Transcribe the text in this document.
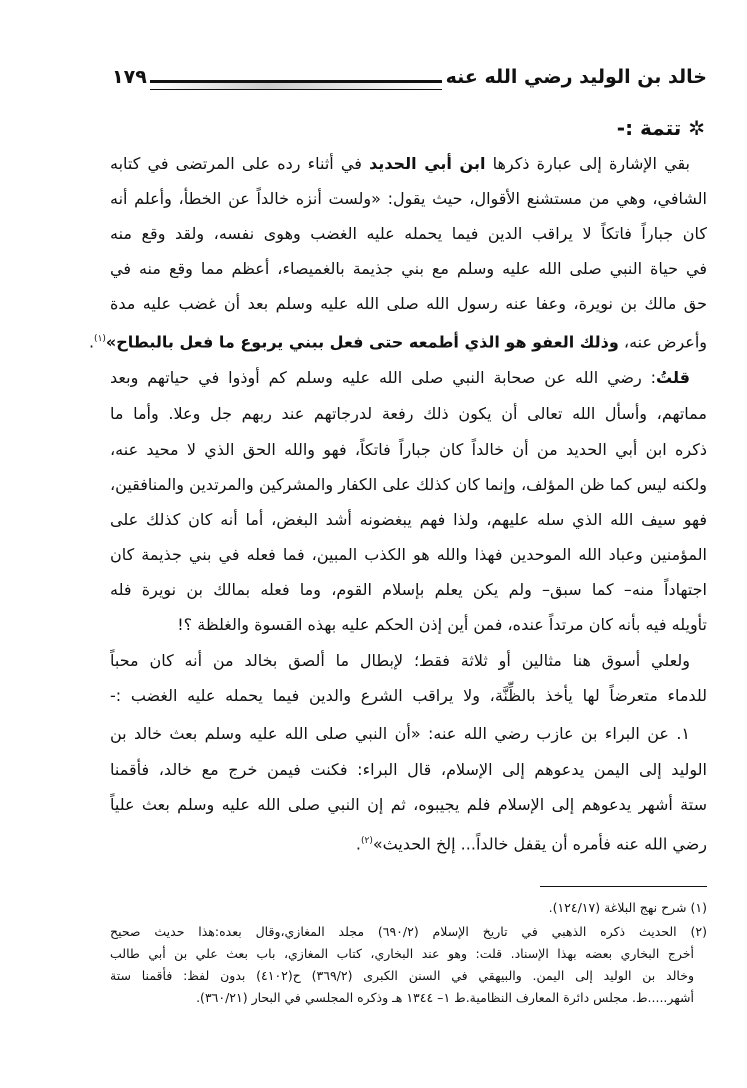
خالد بن الوليد رضي الله عنه
١٧٩
✲ تتمة :-
بقي الإشارة إلى عبارة ذكرها ابن أبي الحديد في أثناء رده على المرتضى في كتابه
الشافي، وهي من مستشنع الأقوال، حيث يقول: «ولست أنزه خالداً عن الخطأ، وأعلم أنه
كان جباراً فاتكاً لا يراقب الدين فيما يحمله عليه الغضب وهوى نفسه، ولقد وقع منه
في حياة النبي صلى الله عليه وسلم مع بني جذيمة بالغميصاء، أعظم مما وقع منه في
حق مالك بن نويرة، وعفا عنه رسول الله صلى الله عليه وسلم بعد أن غضب عليه مدة
وأعرض عنه، وذلك العفو هو الذي أطمعه حتى فعل ببني يربوع ما فعل بالبطاح»$^{(١)}$.
قلتُ: رضي الله عن صحابة النبي صلى الله عليه وسلم كم أوذوا في حياتهم وبعد
مماتهم، وأسأل الله تعالى أن يكون ذلك رفعة لدرجاتهم عند ربهم جل وعلا. وأما ما
ذكره ابن أبي الحديد من أن خالداً كان جباراً فاتكاً، فهو والله الحق الذي لا محيد عنه،
ولكنه ليس كما ظن المؤلف، وإنما كان كذلك على الكفار والمشركين والمرتدين والمنافقين،
فهو سيف الله الذي سله عليهم، ولذا فهم يبغضونه أشد البغض، أما أنه كان كذلك على
المؤمنين وعباد الله الموحدين فهذا والله هو الكذب المبين، فما فعله في بني جذيمة كان
اجتهاداً منه– كما سبق– ولم يكن يعلم بإسلام القوم، وما فعله بمالك بن نويرة فله
تأويله فيه بأنه كان مرتداً عنده، فمن أين إذن الحكم عليه بهذه القسوة والغلظة ؟!
ولعلي أسوق هنا مثالين أو ثلاثة فقط؛ لإبطال ما ألصق بخالد من أنه كان محباً
للدماء متعرضاً لها يأخذ بالظِّنَّة، ولا يراقب الشرع والدين فيما يحمله عليه الغضب :-
١. عن البراء بن عازب رضي الله عنه: «أن النبي صلى الله عليه وسلم بعث خالد بن
الوليد إلى اليمن يدعوهم إلى الإسلام، قال البراء: فكنت فيمن خرج مع خالد، فأقمنا
ستة أشهر يدعوهم إلى الإسلام فلم يجيبوه، ثم إن النبي صلى الله عليه وسلم بعث علياً
رضي الله عنه فأمره أن يقفل خالداً... إلخ الحديث»$^{(٢)}$.
(١) شرح نهج البلاغة (١٢٤/١٧).
(٢) الحديث ذكره الذهبي في تاريخ الإسلام (٦٩٠/٢) مجلد المغازي،وقال بعده:هذا حديث صحيح
أخرج البخاري بعضه بهذا الإسناد. قلت: وهو عند البخاري، كتاب المغازي، باب بعث علي بن أبي طالب
وخالد بن الوليد إلى اليمن. والبيهقي في السنن الكبرى (٣٦٩/٢) ح(٤١٠٢) بدون لفظ: فأقمنا ستة
أشهر.....ط. مجلس دائرة المعارف النظامية.ط ١– ١٣٤٤ هـ وذكره المجلسي في البحار (٣٦٠/٢١).
